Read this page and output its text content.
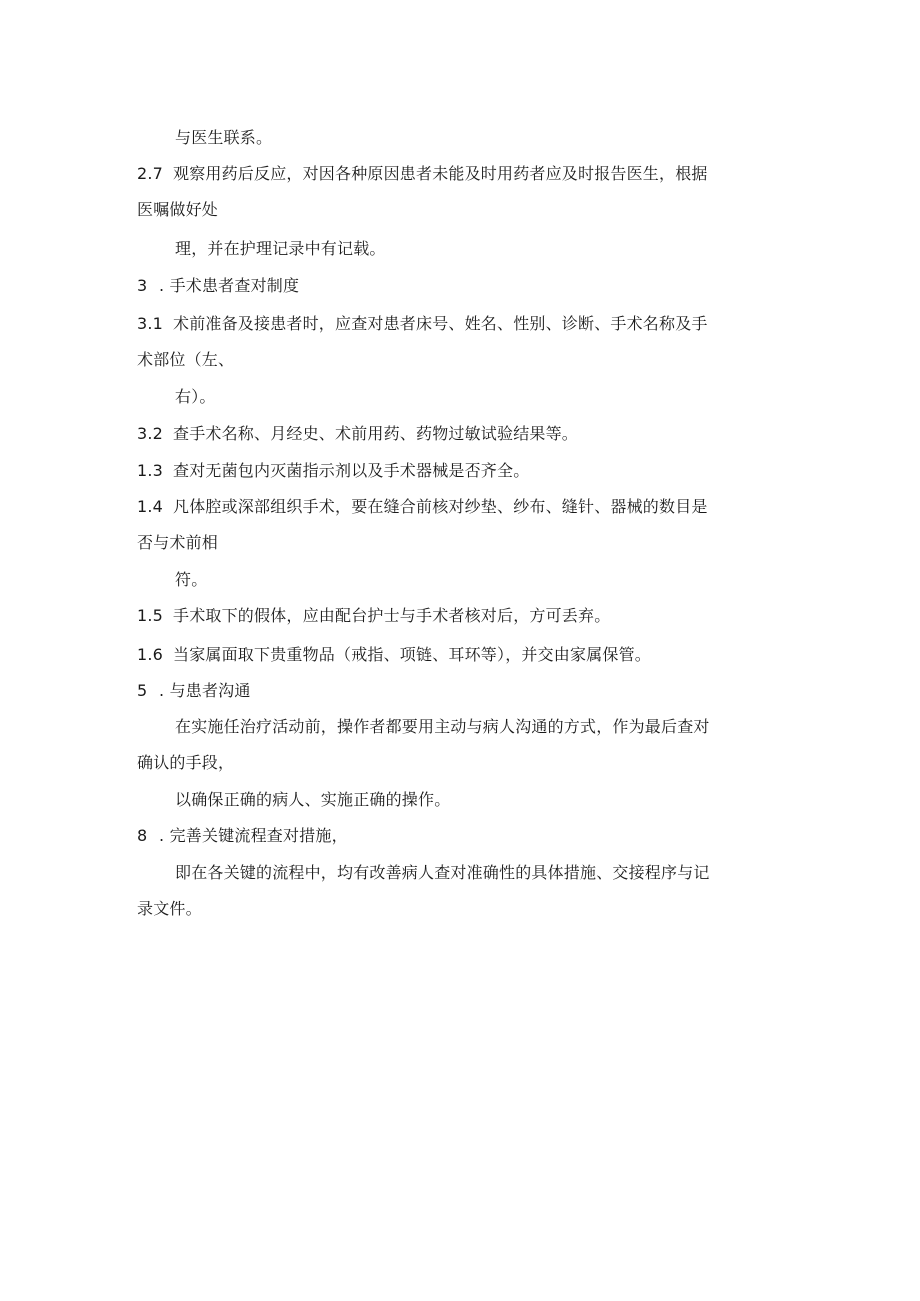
与医生联系。
2.7 观察用药后反应，对因各种原因患者未能及时用药者应及时报告医生，根据
医嘱做好处
理，并在护理记录中有记载。
3 . 手术患者查对制度
3.1 术前准备及接患者时，应查对患者床号、姓名、性别、诊断、手术名称及手
术部位（左、
右）。
3.2 查手术名称、月经史、术前用药、药物过敏试验结果等。
1.3 查对无菌包内灭菌指示剂以及手术器械是否齐全。
1.4 凡体腔或深部组织手术，要在缝合前核对纱垫、纱布、缝针、器械的数目是
否与术前相
符。
1.5 手术取下的假体，应由配台护士与手术者核对后，方可丢弃。
1.6 当家属面取下贵重物品（戒指、项链、耳环等），并交由家属保管。
5 . 与患者沟通
在实施任治疗活动前，操作者都要用主动与病人沟通的方式，作为最后查对
确认的手段，
以确保正确的病人、实施正确的操作。
8 . 完善关键流程查对措施，
即在各关键的流程中，均有改善病人查对准确性的具体措施、交接程序与记
录文件。
